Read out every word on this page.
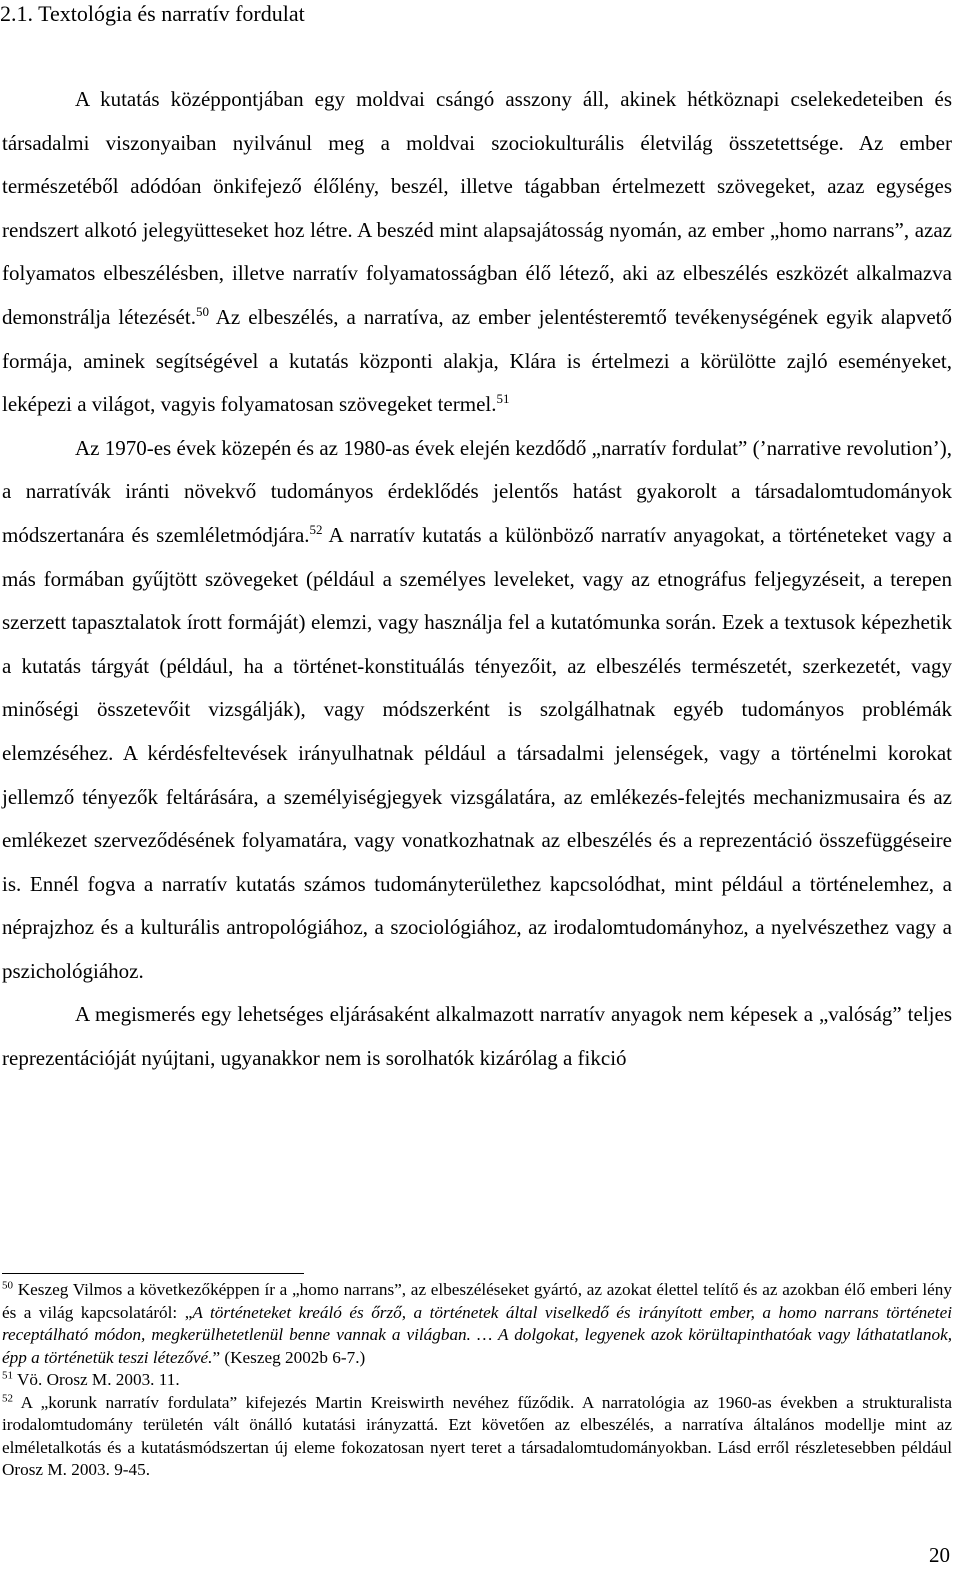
2.1. Textológia és narratív fordulat

A kutatás középpontjában egy moldvai csángó asszony áll, akinek hétköznapi cselekedeteiben és társadalmi viszonyaiban nyilvánul meg a moldvai szociokulturális életvilág összetettsége. Az ember természetéből adódóan önkifejező élőlény, beszél, illetve tágabban értelmezett szövegeket, azaz egységes rendszert alkotó jelegyütteseket hoz létre. A beszéd mint alapsajátosság nyomán, az ember „homo narrans”, azaz folyamatos elbeszélésben, illetve narratív folyamatosságban élő létező, aki az elbeszélés eszközét alkalmazva demonstrálja létezését.$^{50}$ Az elbeszélés, a narratíva, az ember jelentésteremtő tevékenységének egyik alapvető formája, aminek segítségével a kutatás központi alakja, Klára is értelmezi a körülötte zajló eseményeket, leképezi a világot, vagyis folyamatosan szövegeket termel.$^{51}$

Az 1970-es évek közepén és az 1980-as évek elején kezdődő „narratív fordulat” (’narrative revolution’), a narratívák iránti növekvő tudományos érdeklődés jelentős hatást gyakorolt a társadalomtudományok módszertanára és szemléletmódjára.$^{52}$ A narratív kutatás a különböző narratív anyagokat, a történeteket vagy a más formában gyűjtött szövegeket (például a személyes leveleket, vagy az etnográfus feljegyzéseit, a terepen szerzett tapasztalatok írott formáját) elemzi, vagy használja fel a kutatómunka során. Ezek a textusok képezhetik a kutatás tárgyát (például, ha a történet-konstituálás tényezőit, az elbeszélés természetét, szerkezetét, vagy minőségi összetevőit vizsgálják), vagy módszerként is szolgálhatnak egyéb tudományos problémák elemzéséhez. A kérdésfeltevések irányulhatnak például a társadalmi jelenségek, vagy a történelmi korokat jellemző tényezők feltárására, a személyiségjegyek vizsgálatára, az emlékezés-felejtés mechanizmusaira és az emlékezet szerveződésének folyamatára, vagy vonatkozhatnak az elbeszélés és a reprezentáció összefüggéseire is. Ennél fogva a narratív kutatás számos tudományterülethez kapcsolódhat, mint például a történelemhez, a néprajzhoz és a kulturális antropológiához, a szociológiához, az irodalomtudományhoz, a nyelvészethez vagy a pszichológiához.

A megismerés egy lehetséges eljárásaként alkalmazott narratív anyagok nem képesek a „valóság” teljes reprezentációját nyújtani, ugyanakkor nem is sorolhatók kizárólag a fikció

$^{50}$ Keszeg Vilmos a következőképpen ír a „homo narrans”, az elbeszéléseket gyártó, az azokat élettel telítő és az azokban élő emberi lény és a világ kapcsolatáról: „A történeteket kreáló és őrző, a történetek által viselkedő és irányított ember, a homo narrans történetei receptálható módon, megkerülhetetlenül benne vannak a világban. … A dolgokat, legyenek azok körültapinthatóak vagy láthatatlanok, épp a történetük teszi létezővé.” (Keszeg 2002b 6-7.)

$^{51}$ Vö. Orosz M. 2003. 11.

$^{52}$ A „korunk narratív fordulata” kifejezés Martin Kreiswirth nevéhez fűződik. A narratológia az 1960-as években a strukturalista irodalomtudomány területén vált önálló kutatási irányzattá. Ezt követően az elbeszélés, a narratíva általános modellje mint az elméletalkotás és a kutatásmódszertan új eleme fokozatosan nyert teret a társadalomtudományokban. Lásd erről részletesebben például Orosz M. 2003. 9-45.

20
